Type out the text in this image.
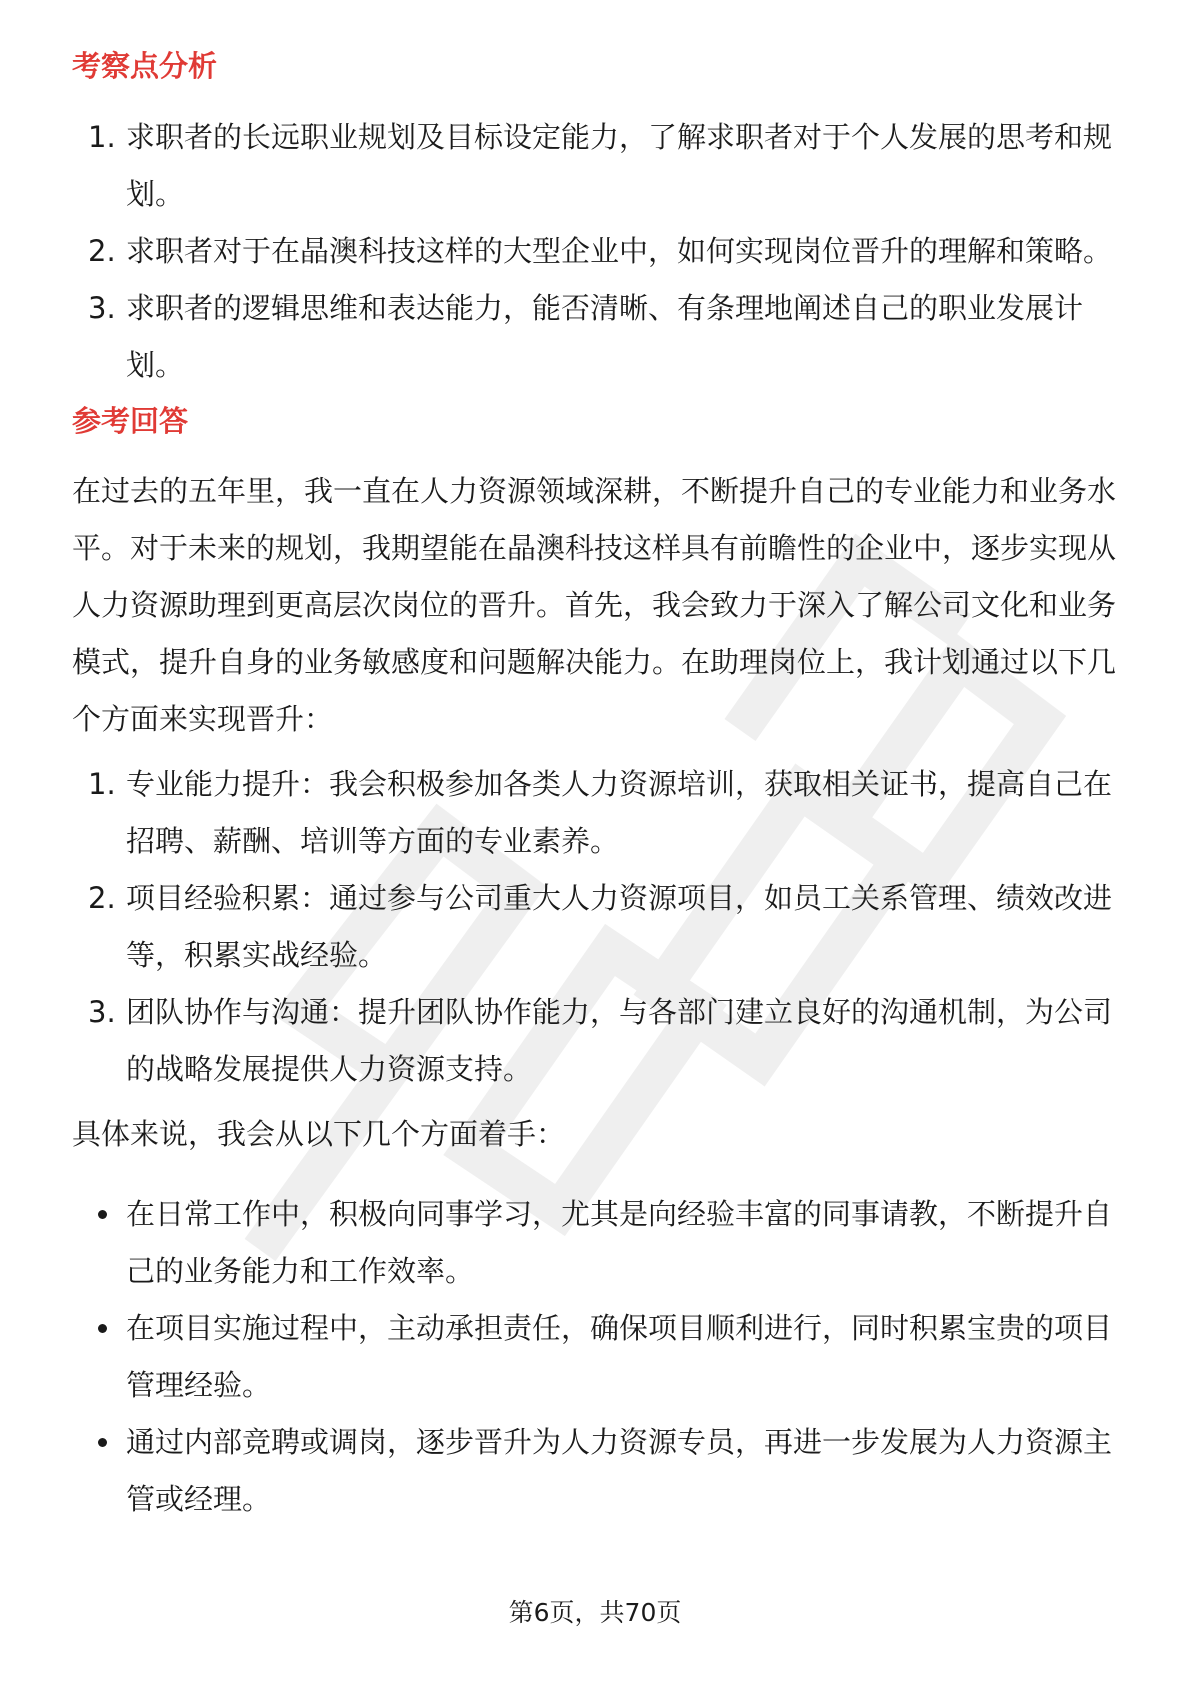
考察点分析
1. 求职者的长远职业规划及目标设定能力，了解求职者对于个人发展的思考和规划。
2. 求职者对于在晶澳科技这样的大型企业中，如何实现岗位晋升的理解和策略。
3. 求职者的逻辑思维和表达能力，能否清晰、有条理地阐述自己的职业发展计划。
参考回答

在过去的五年里，我一直在人力资源领域深耕，不断提升自己的专业能力和业务水平。对于未来的规划，我期望能在晶澳科技这样具有前瞻性的企业中，逐步实现从人力资源助理到更高层次岗位的晋升。首先，我会致力于深入了解公司文化和业务模式，提升自身的业务敏感度和问题解决能力。在助理岗位上，我计划通过以下几个方面来实现晋升：

1. 专业能力提升：我会积极参加各类人力资源培训，获取相关证书，提高自己在招聘、薪酬、培训等方面的专业素养。
2. 项目经验积累：通过参与公司重大人力资源项目，如员工关系管理、绩效改进等，积累实战经验。
3. 团队协作与沟通：提升团队协作能力，与各部门建立良好的沟通机制，为公司的战略发展提供人力资源支持。

具体来说，我会从以下几个方面着手：

在日常工作中，积极向同事学习，尤其是向经验丰富的同事请教，不断提升自己的业务能力和工作效率。
在项目实施过程中，主动承担责任，确保项目顺利进行，同时积累宝贵的项目管理经验。
通过内部竞聘或调岗，逐步晋升为人力资源专员，再进一步发展为人力资源主管或经理。
第6页，共70页
